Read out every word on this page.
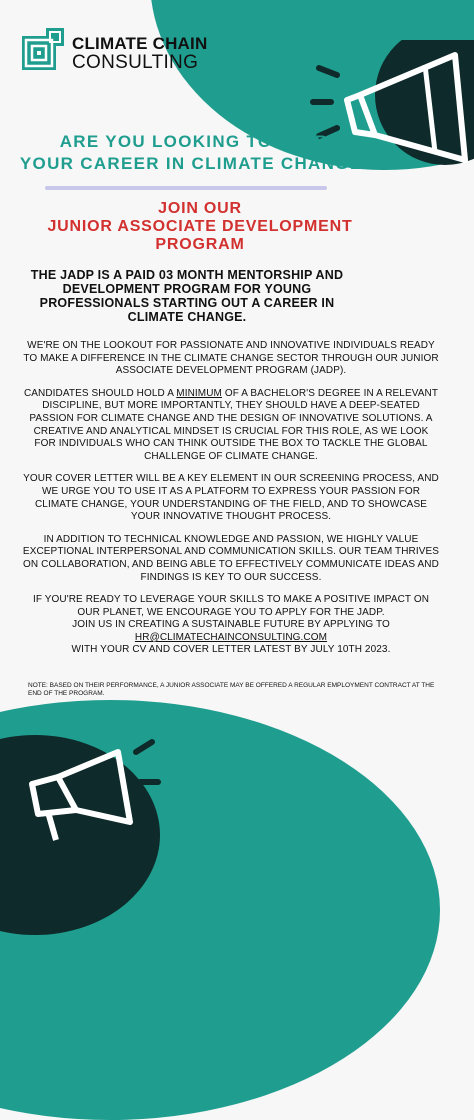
CLIMATE CHAIN
CONSULTING
ARE YOU LOOKING TO START
YOUR CAREER IN CLIMATE CHANGE ?
JOIN OUR
JUNIOR ASSOCIATE DEVELOPMENT
PROGRAM
THE JADP IS A PAID 03 MONTH MENTORSHIP AND DEVELOPMENT PROGRAM FOR YOUNG PROFESSIONALS STARTING OUT A CAREER IN CLIMATE CHANGE.

WE'RE ON THE LOOKOUT FOR PASSIONATE AND INNOVATIVE INDIVIDUALS READY TO MAKE A DIFFERENCE IN THE CLIMATE CHANGE SECTOR THROUGH OUR JUNIOR ASSOCIATE DEVELOPMENT PROGRAM (JADP).

CANDIDATES SHOULD HOLD A MINIMUM OF A BACHELOR'S DEGREE IN A RELEVANT DISCIPLINE, BUT MORE IMPORTANTLY, THEY SHOULD HAVE A DEEP-SEATED PASSION FOR CLIMATE CHANGE AND THE DESIGN OF INNOVATIVE SOLUTIONS. A CREATIVE AND ANALYTICAL MINDSET IS CRUCIAL FOR THIS ROLE, AS WE LOOK FOR INDIVIDUALS WHO CAN THINK OUTSIDE THE BOX TO TACKLE THE GLOBAL CHALLENGE OF CLIMATE CHANGE.

YOUR COVER LETTER WILL BE A KEY ELEMENT IN OUR SCREENING PROCESS, AND WE URGE YOU TO USE IT AS A PLATFORM TO EXPRESS YOUR PASSION FOR CLIMATE CHANGE, YOUR UNDERSTANDING OF THE FIELD, AND TO SHOWCASE YOUR INNOVATIVE THOUGHT PROCESS.

IN ADDITION TO TECHNICAL KNOWLEDGE AND PASSION, WE HIGHLY VALUE EXCEPTIONAL INTERPERSONAL AND COMMUNICATION SKILLS. OUR TEAM THRIVES ON COLLABORATION, AND BEING ABLE TO EFFECTIVELY COMMUNICATE IDEAS AND FINDINGS IS KEY TO OUR SUCCESS.

IF YOU'RE READY TO LEVERAGE YOUR SKILLS TO MAKE A POSITIVE IMPACT ON OUR PLANET, WE ENCOURAGE YOU TO APPLY FOR THE JADP.
JOIN US IN CREATING A SUSTAINABLE FUTURE BY APPLYING TO
HR@CLIMATECHAINCONSULTING.COM
WITH YOUR CV AND COVER LETTER LATEST BY JULY 10TH 2023.

NOTE: BASED ON THEIR PERFORMANCE, A JUNIOR ASSOCIATE MAY BE OFFERED A REGULAR EMPLOYMENT CONTRACT AT THE END OF THE PROGRAM.
